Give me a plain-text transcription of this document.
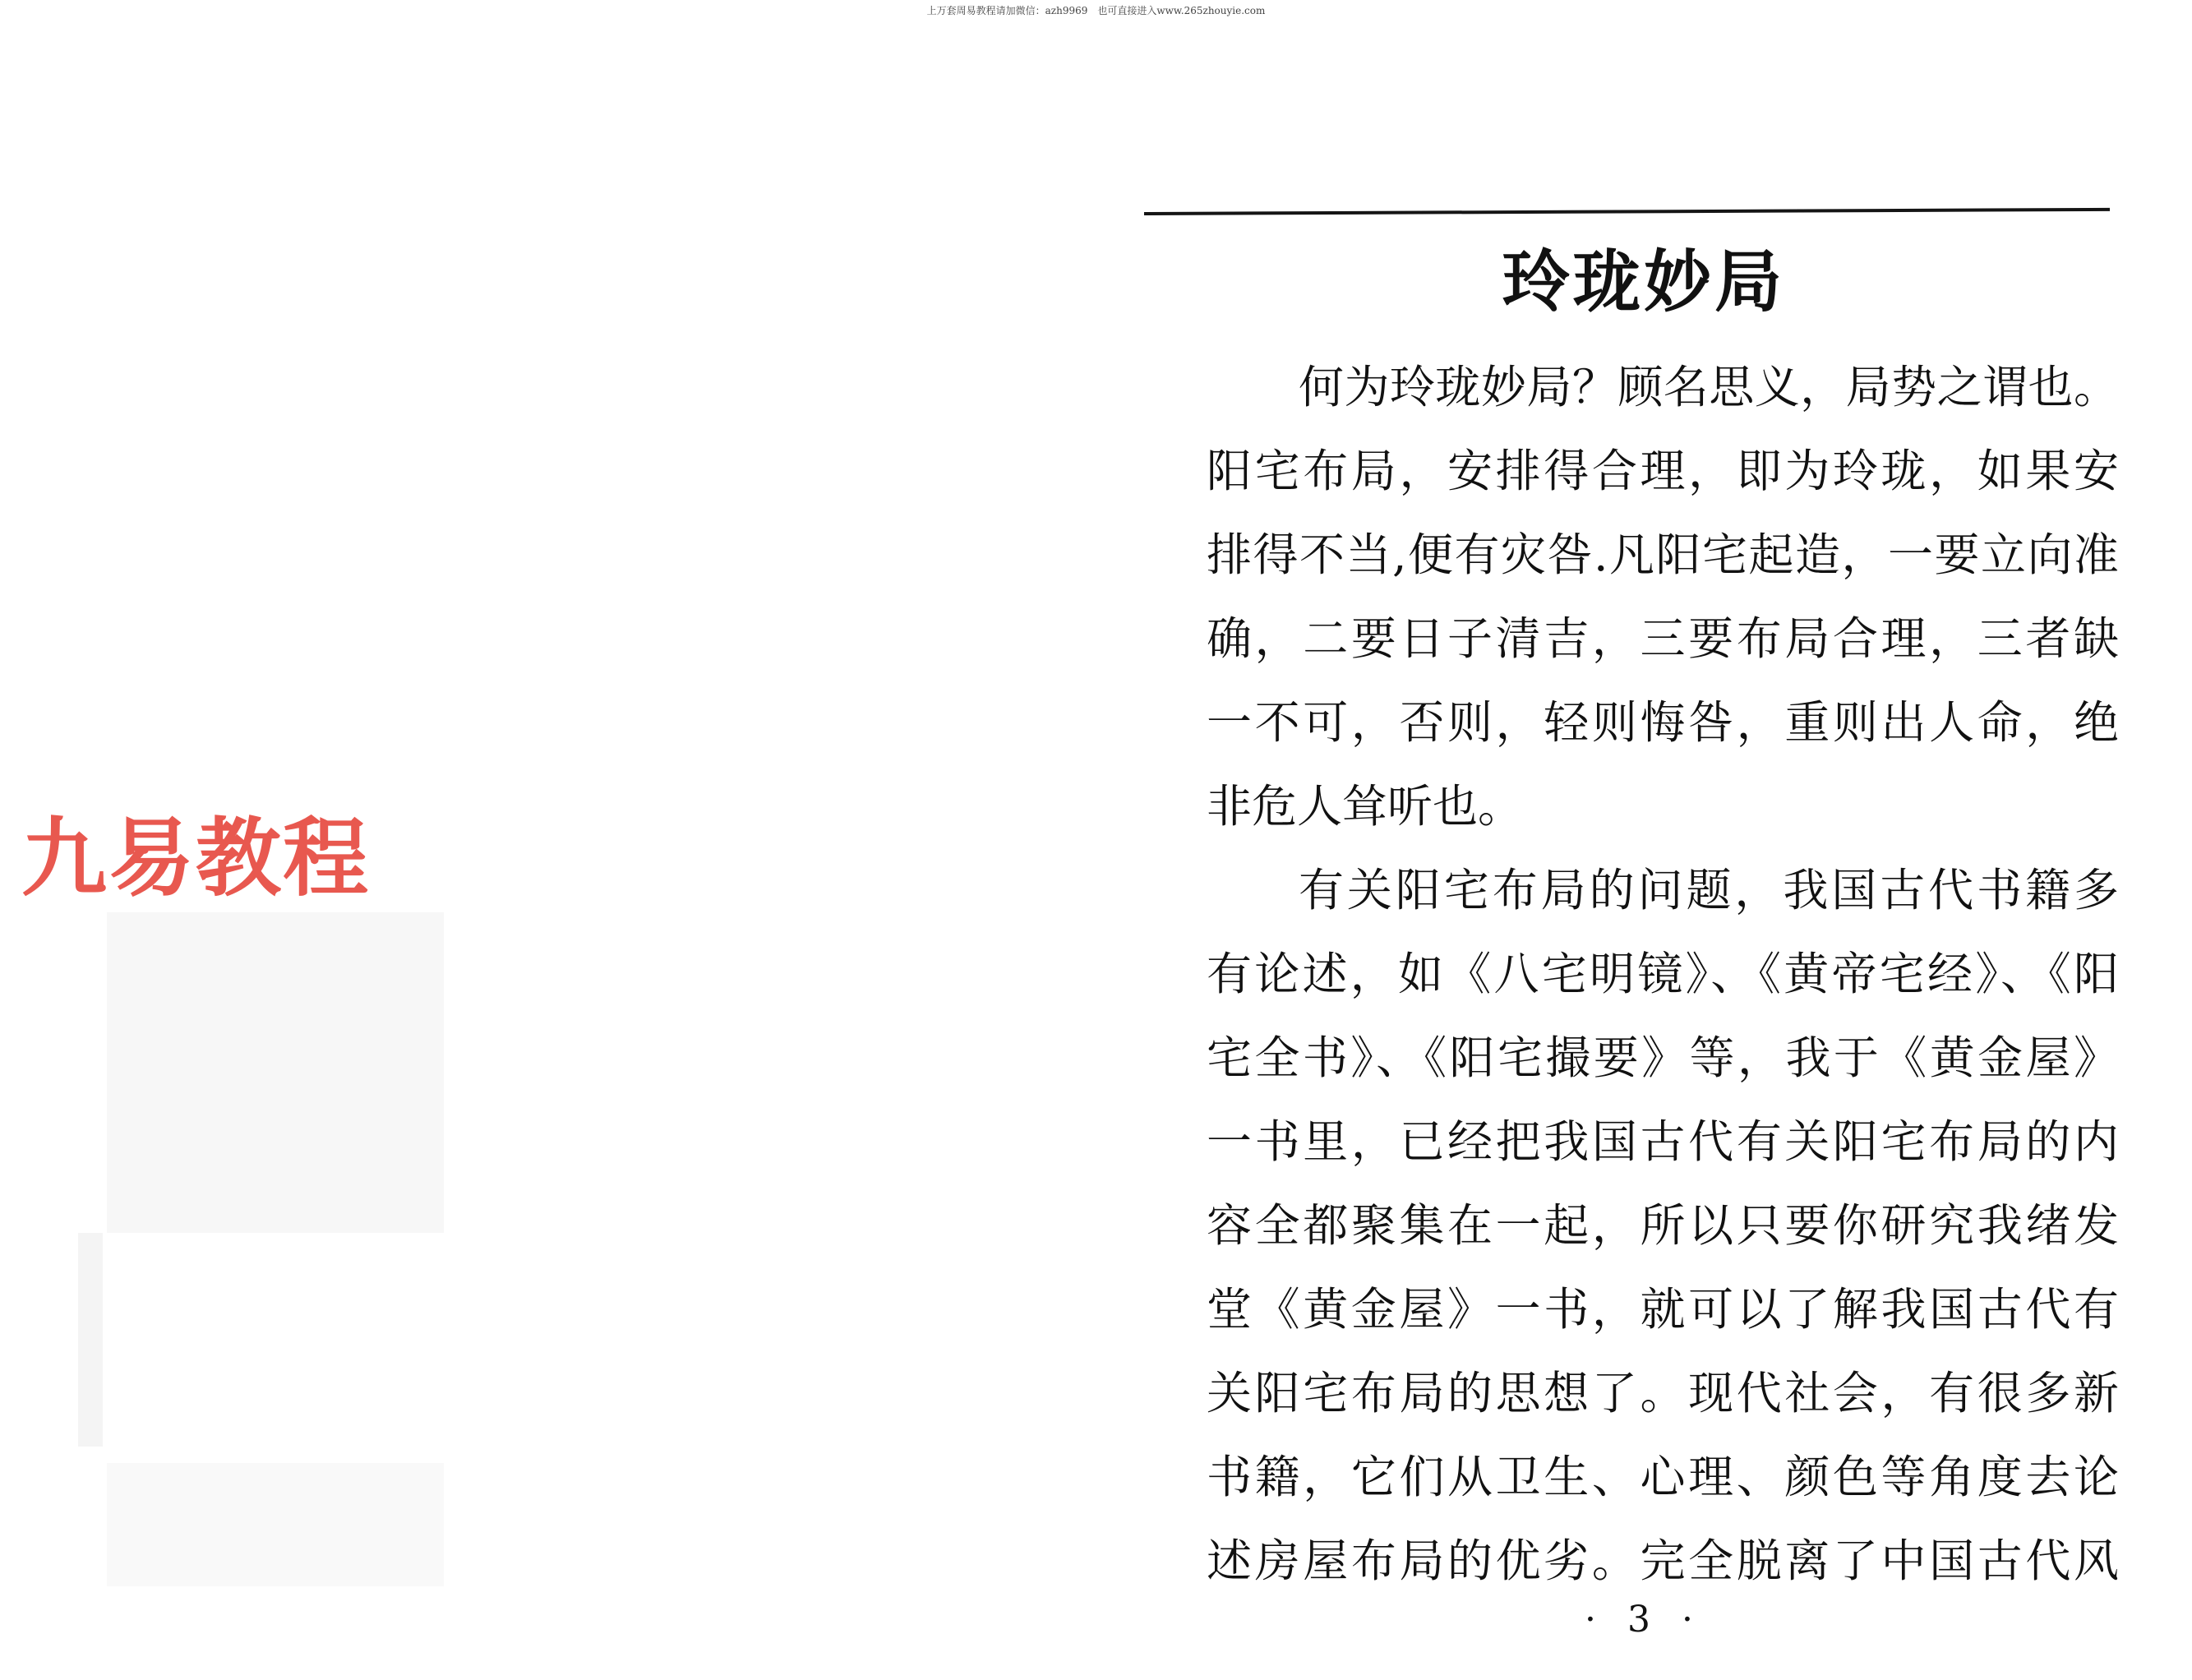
上万套周易教程请加微信：azh9969　也可直接进入www.265zhouyie.com
九易教程
玲珑妙局
何为玲珑妙局？顾名思义，局势之谓也。
阳宅布局，安排得合理，即为玲珑，如果安
排得不当,便有灾咎.凡阳宅起造，一要立向准
确，二要日子清吉，三要布局合理，三者缺
一不可，否则，轻则悔咎，重则出人命，绝
非危人耸听也。
有关阳宅布局的问题，我国古代书籍多
有论述，如《八宅明镜》、《黄帝宅经》、《阳
宅全书》、《阳宅撮要》等，我于《黄金屋》
一书里，已经把我国古代有关阳宅布局的内
容全都聚集在一起，所以只要你研究我绪发
堂《黄金屋》一书，就可以了解我国古代有
关阳宅布局的思想了。现代社会，有很多新
书籍，它们从卫生、心理、颜色等角度去论
述房屋布局的优劣。完全脱离了中国古代风
· 3 ·
